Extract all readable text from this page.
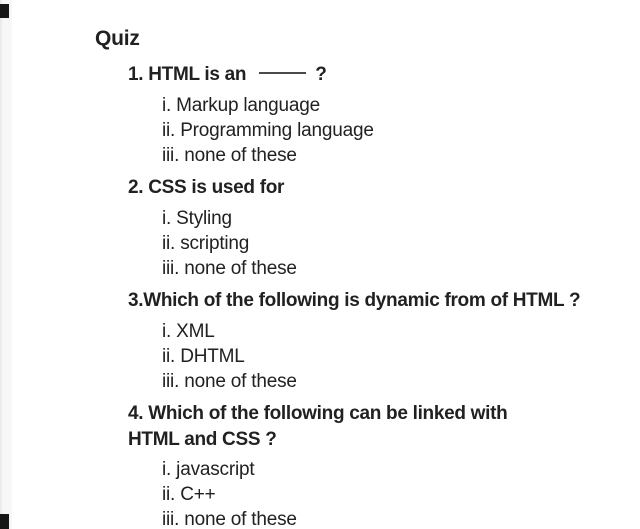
Quiz
1. HTML is an	?
i. Markup language
ii. Programming language
iii. none of these
2. CSS is used for
i. Styling
ii. scripting
iii. none of these
3.Which of the following is dynamic from of HTML ?
i. XML
ii. DHTML
iii. none of these
4. Which of the following can be linked with
HTML and CSS ?
i. javascript
ii. C++
iii. none of these
